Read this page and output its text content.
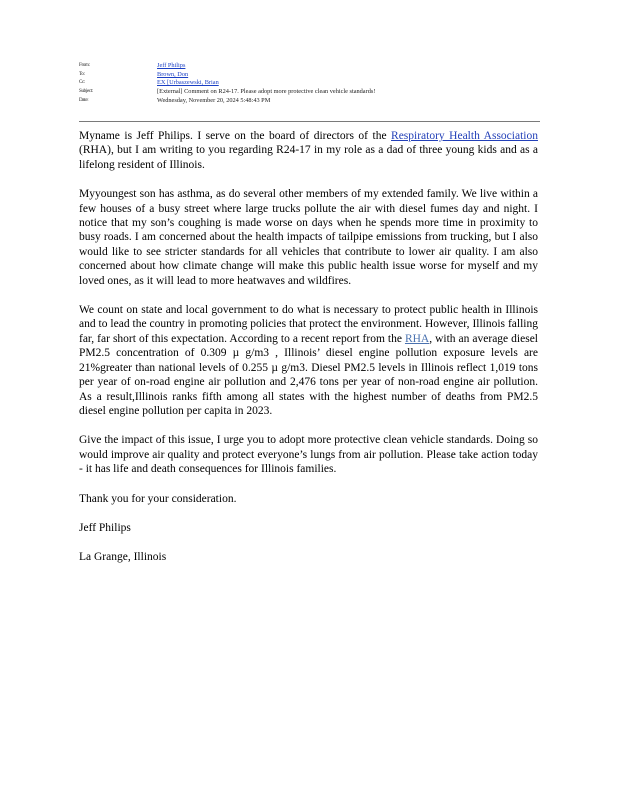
From:	Jeff Philips
To:	Brown, Don
Cc:	EX [Urbaszewski, Brian
Subject:	[External] Comment on R24-17. Please adopt more protective clean vehicle standards!
Date:	Wednesday, November 20, 2024 5:48:43 PM

Myname is Jeff Philips. I serve on the board of directors of the Respiratory Health Association (RHA), but I am writing to you regarding R24-17 in my role as a dad of three young kids and as a lifelong resident of Illinois.

Myyoungest son has asthma, as do several other members of my extended family. We live within a few houses of a busy street where large trucks pollute the air with diesel fumes day and night. I notice that my son’s coughing is made worse on days when he spends more time in proximity to busy roads. I am concerned about the health impacts of tailpipe emissions from trucking, but I also would like to see stricter standards for all vehicles that contribute to lower air quality. I am also concerned about how climate change will make this public health issue worse for myself and my loved ones, as it will lead to more heatwaves and wildfires.

We count on state and local government to do what is necessary to protect public health in Illinois and to lead the country in promoting policies that protect the environment. However, Illinois falling far, far short of this expectation. According to a recent report from the RHA, with an average diesel PM2.5 concentration of 0.309 µ g/m3 , Illinois’ diesel engine pollution exposure levels are 21%greater than national levels of 0.255 µ g/m3. Diesel PM2.5 levels in Illinois reflect 1,019 tons per year of on-road engine air pollution and 2,476 tons per year of non-road engine air pollution. As a result,Illinois ranks fifth among all states with the highest number of deaths from PM2.5 diesel engine pollution per capita in 2023.

Give the impact of this issue, I urge you to adopt more protective clean vehicle standards. Doing so would improve air quality and protect everyone’s lungs from air pollution. Please take action today - it has life and death consequences for Illinois families.

Thank you for your consideration.

Jeff Philips

La Grange, Illinois
